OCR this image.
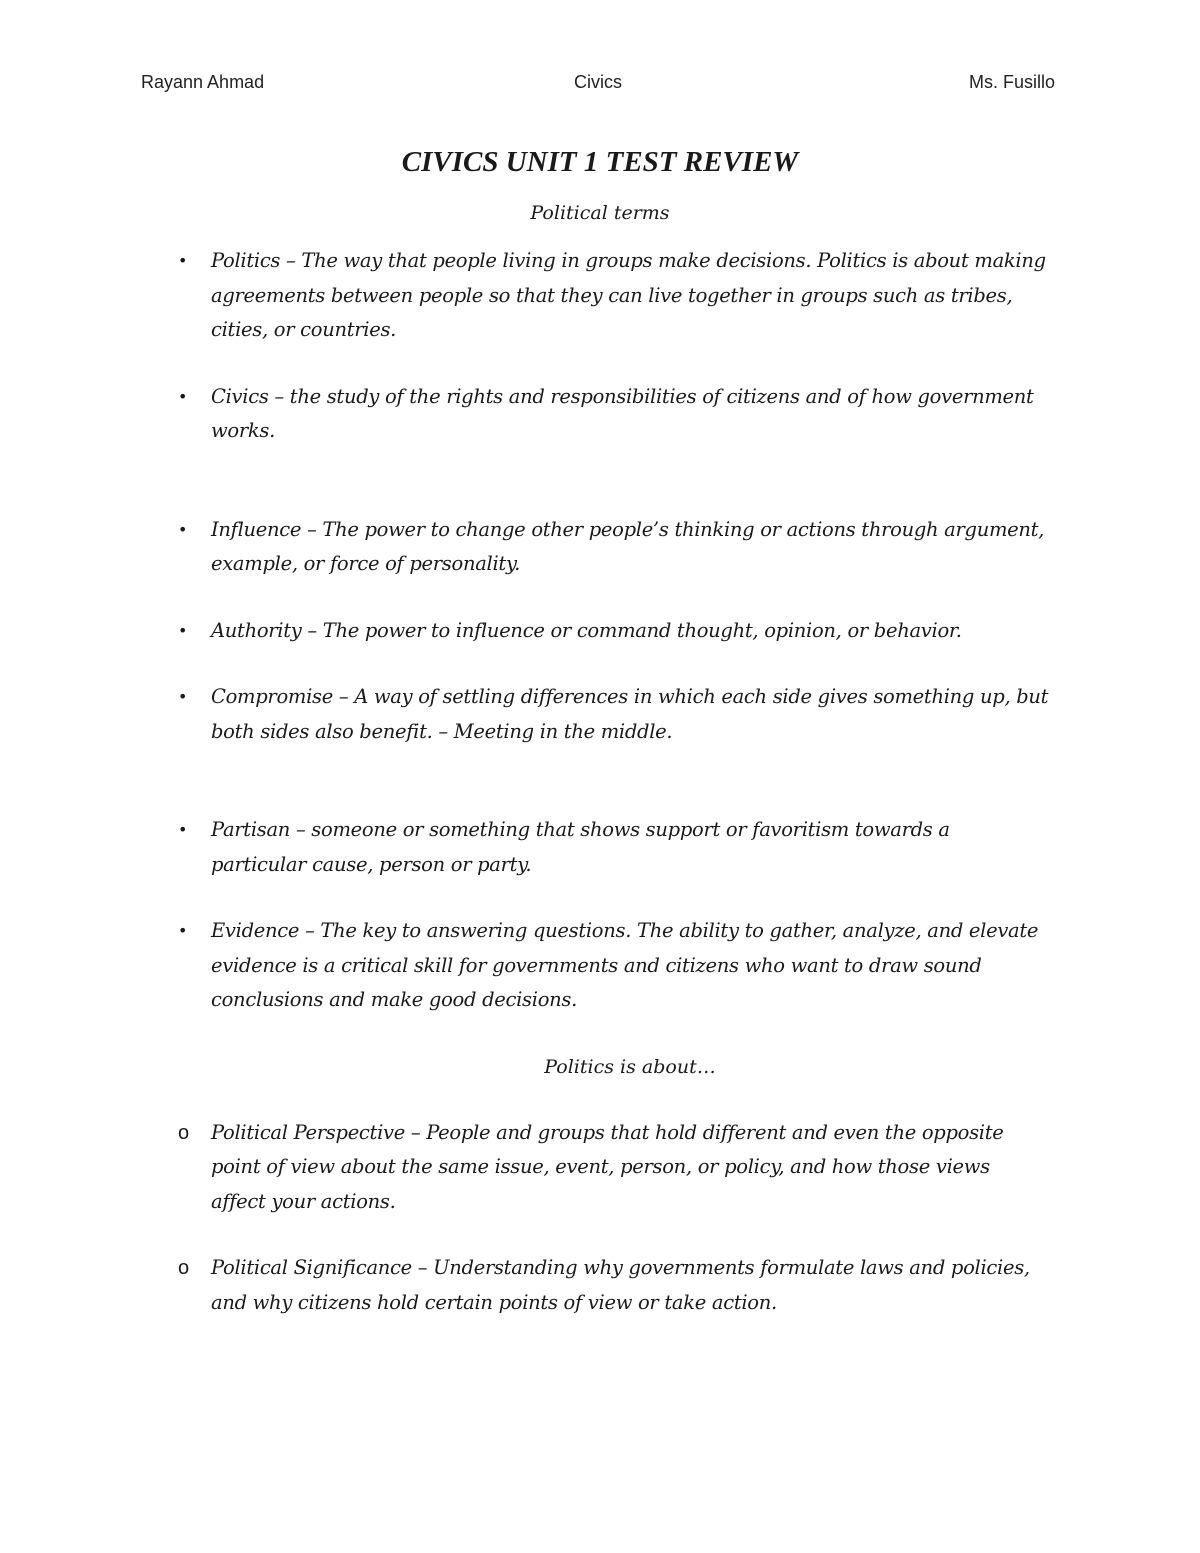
Rayann Ahmad	Civics	Ms. Fusillo
CIVICS UNIT 1 TEST REVIEW

Political terms

• Politics – The way that people living in groups make decisions. Politics is about making agreements between people so that they can live together in groups such as tribes, cities, or countries.
• Civics – the study of the rights and responsibilities of citizens and of how government works.
• Influence – The power to change other people’s thinking or actions through argument, example, or force of personality.
• Authority – The power to influence or command thought, opinion, or behavior.
• Compromise – A way of settling differences in which each side gives something up, but both sides also benefit. – Meeting in the middle.
• Partisan – someone or something that shows support or favoritism towards a particular cause, person or party.
• Evidence – The key to answering questions. The ability to gather, analyze, and elevate evidence is a critical skill for governments and citizens who want to draw sound conclusions and make good decisions.

Politics is about…

o Political Perspective – People and groups that hold different and even the opposite point of view about the same issue, event, person, or policy, and how those views affect your actions.
o Political Significance – Understanding why governments formulate laws and policies, and why citizens hold certain points of view or take action.
